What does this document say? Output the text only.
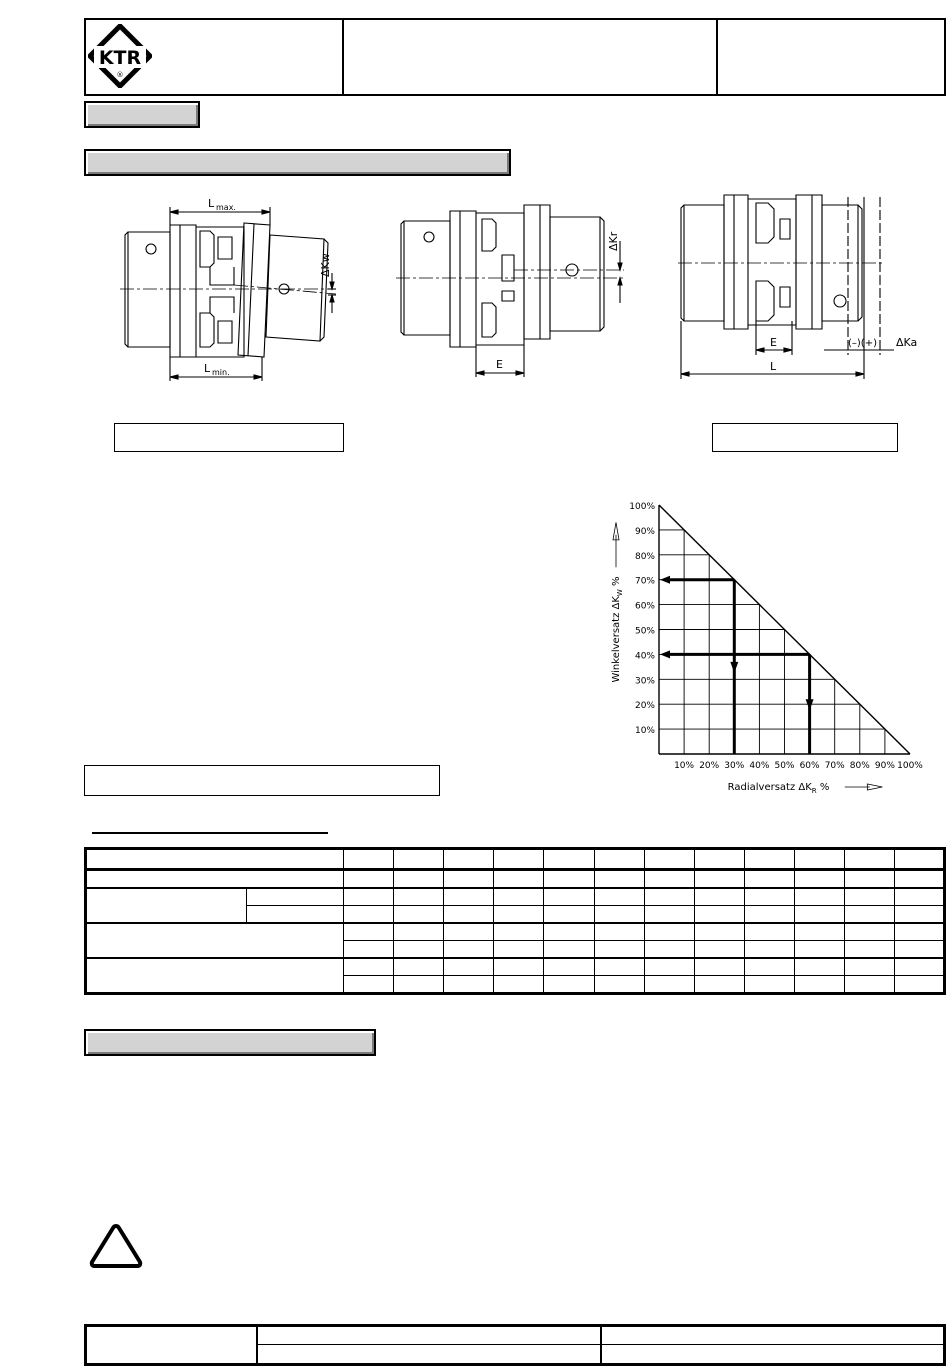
KTR
®
L max.
L min.
ΔKw
ΔKr
E
E
L
(–)(+) ΔKa
10%
20%
30%
40%
50%
60%
70%
80%
90%
100%
10% 20% 30% 40% 50% 60% 70% 80% 90% 100%
Winkelversatz $\Delta K_W$ %
Radialversatz $\Delta K_R$ %
